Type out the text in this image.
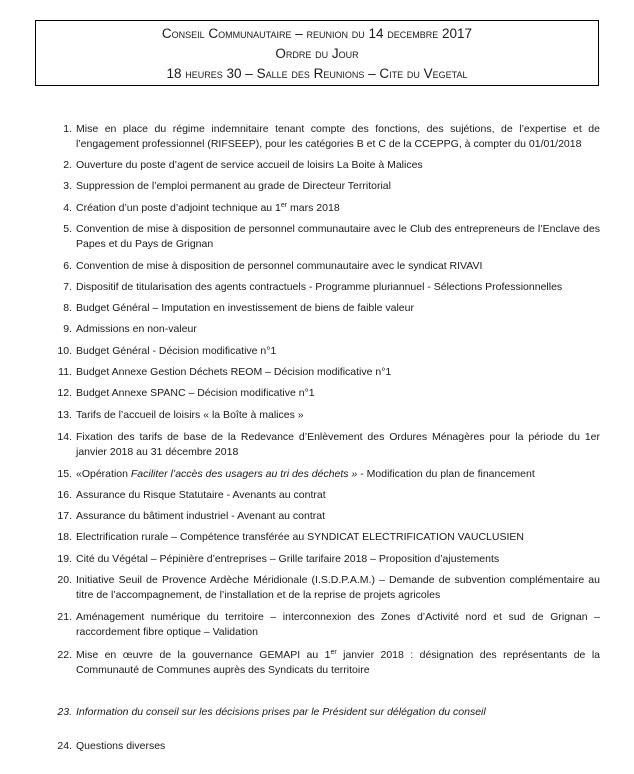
Conseil Communautaire – reunion du 14 decembre 2017
Ordre du Jour
18 heures 30 – Salle des Reunions – Cite du Vegetal
1. Mise en place du régime indemnitaire tenant compte des fonctions, des sujétions, de l’expertise et de l’engagement professionnel (RIFSEEP), pour les catégories B et C de la CCEPPG, à compter du 01/01/2018
2. Ouverture du poste d’agent de service accueil de loisirs La Boite à Malices
3. Suppression de l’emploi permanent au grade de Directeur Territorial
4. Création d’un poste d’adjoint technique au 1er mars 2018
5. Convention de mise à disposition de personnel communautaire avec le Club des entrepreneurs de l’Enclave des Papes et du Pays de Grignan
6. Convention de mise à disposition de personnel communautaire avec le syndicat RIVAVI
7. Dispositif de titularisation des agents contractuels - Programme pluriannuel - Sélections Professionnelles
8. Budget Général – Imputation en investissement de biens de faible valeur
9. Admissions en non-valeur
10. Budget Général - Décision modificative n°1
11. Budget Annexe Gestion Déchets REOM – Décision modificative n°1
12. Budget Annexe SPANC – Décision modificative n°1
13. Tarifs de l’accueil de loisirs « la Boîte à malices »
14. Fixation des tarifs de base de la Redevance d’Enlèvement des Ordures Ménagères pour la période du 1er janvier 2018 au 31 décembre 2018
15. «Opération Faciliter l’accès des usagers au tri des déchets » - Modification du plan de financement
16. Assurance du Risque Statutaire - Avenants au contrat
17. Assurance du bâtiment industriel - Avenant au contrat
18. Electrification rurale – Compétence transférée au SYNDICAT ELECTRIFICATION VAUCLUSIEN
19. Cité du Végétal – Pépinière d’entreprises – Grille tarifaire 2018 – Proposition d’ajustements
20. Initiative Seuil de Provence Ardèche Méridionale (I.S.D.P.A.M.) – Demande de subvention complémentaire au titre de l’accompagnement, de l’installation et de la reprise de projets agricoles
21. Aménagement numérique du territoire – interconnexion des Zones d’Activité nord et sud de Grignan – raccordement fibre optique – Validation
22. Mise en œuvre de la gouvernance GEMAPI au 1er janvier 2018 : désignation des représentants de la Communauté de Communes auprès des Syndicats du territoire
23. Information du conseil sur les décisions prises par le Président sur délégation du conseil
24. Questions diverses
